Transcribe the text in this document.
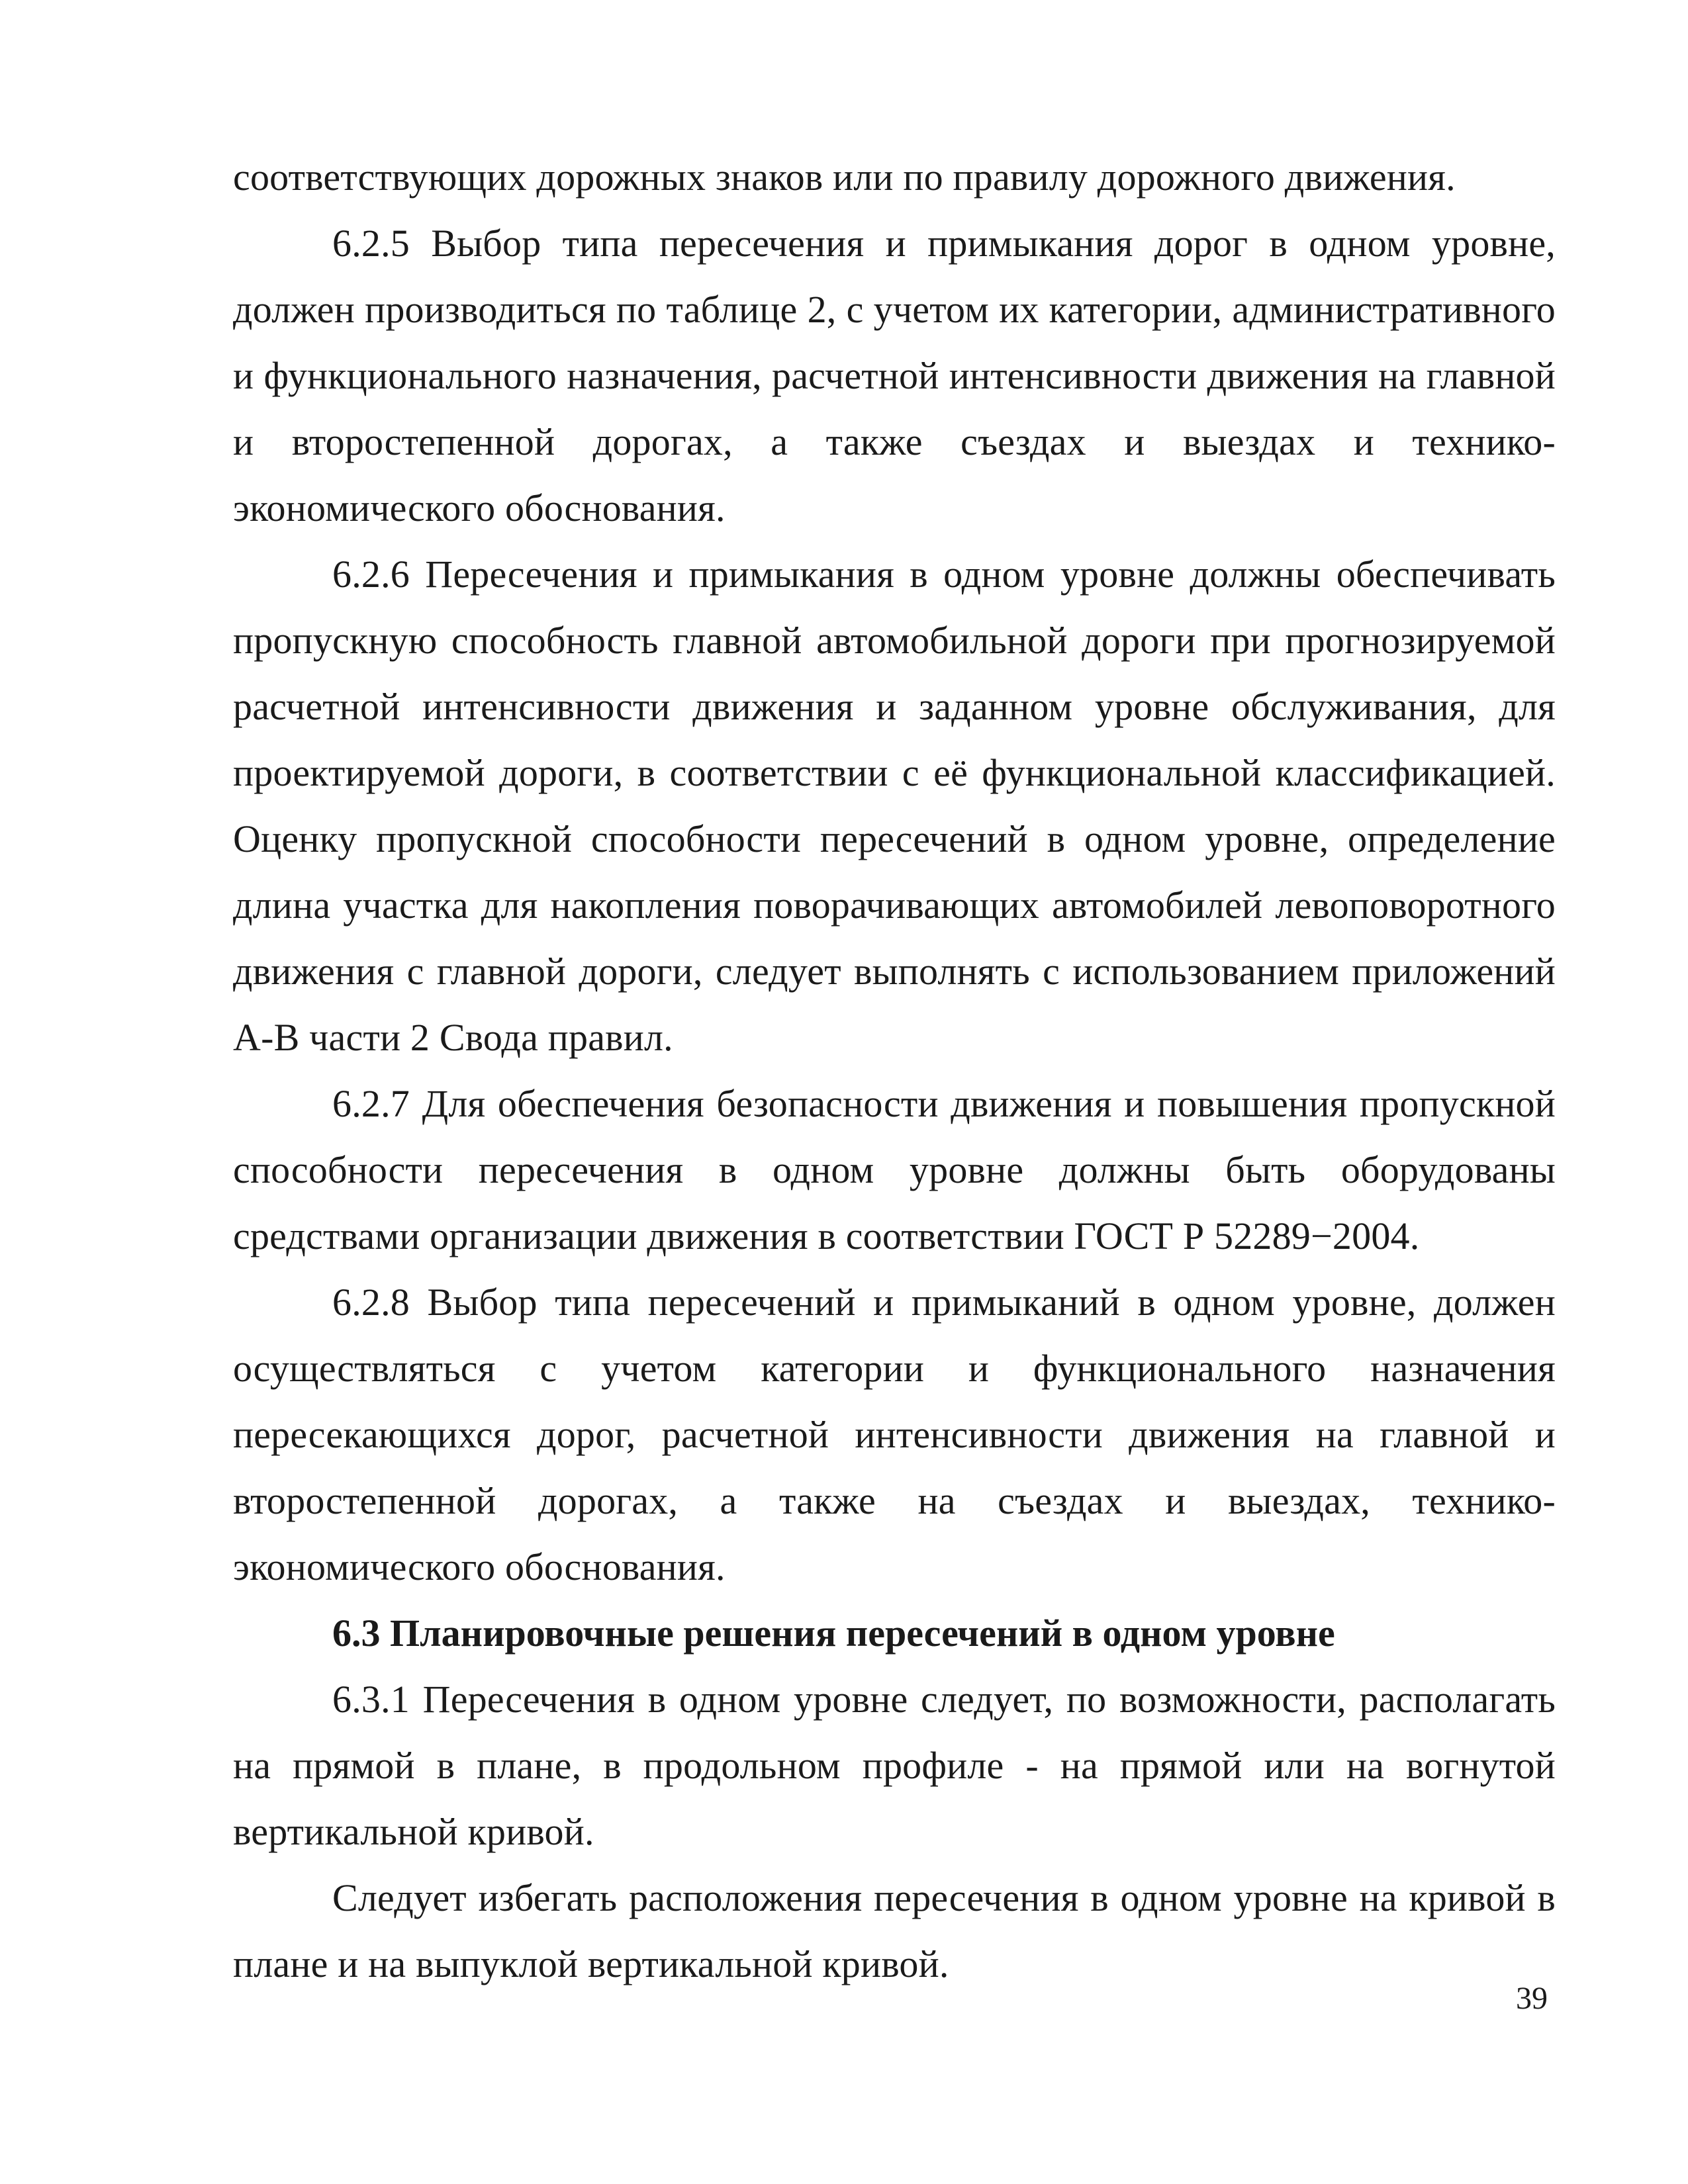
соответствующих дорожных знаков или по правилу дорожного движения.

6.2.5 Выбор типа пересечения и примыкания дорог в одном уровне, должен производиться по таблице 2, с учетом их категории, административного и функционального назначения, расчетной интенсивности движения на главной и второстепенной дорогах, а также съездах и выездах и технико-экономического обоснования.

6.2.6 Пересечения и примыкания в одном уровне должны обеспечивать пропускную способность главной автомобильной дороги при прогнозируемой расчетной интенсивности движения и заданном уровне обслуживания, для проектируемой дороги, в соответствии с её функциональной классификацией. Оценку пропускной способности пересечений в одном уровне, определение длина участка для накопления поворачивающих автомобилей левоповоротного движения с главной дороги, следует выполнять с использованием приложений А-В части 2 Свода правил.

6.2.7 Для обеспечения безопасности движения и повышения пропускной способности пересечения в одном уровне должны быть оборудованы средствами организации движения в соответствии ГОСТ Р 52289−2004.

6.2.8 Выбор типа пересечений и примыканий в одном уровне, должен осуществляться с учетом категории и функционального назначения пересекающихся дорог, расчетной интенсивности движения на главной и второстепенной дорогах, а также на съездах и выездах, технико-экономического обоснования.

6.3 Планировочные решения пересечений в одном уровне

6.3.1 Пересечения в одном уровне следует, по возможности, располагать на прямой в плане, в продольном профиле - на прямой или на вогнутой вертикальной кривой.

Следует избегать расположения пересечения в одном уровне на кривой в плане и на выпуклой вертикальной кривой.

39
